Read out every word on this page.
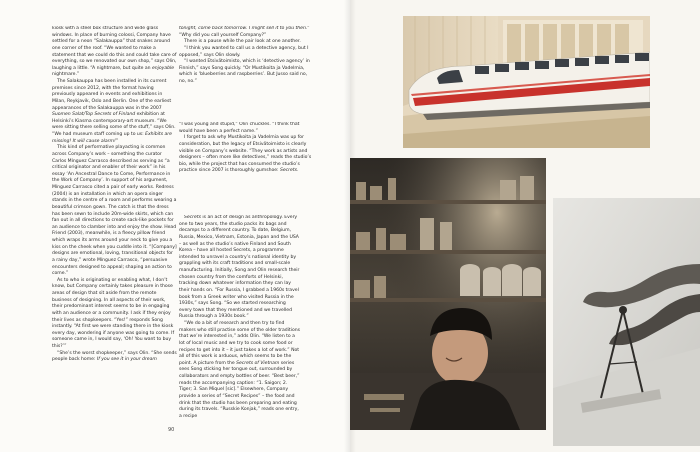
kiosk with a steel box structure and wide glass windows. In place of burning colossi, Company have settled for a neon “Salakauppa” that snakes around one corner of the roof. “We wanted to make a statement that we could do this and could take care of everything, so we renovated our own shop,” says Olin, laughing a little. “A nightmare, but quite an enjoyable nightmare.”

The Salakauppa has been installed in its current premises since 2012, with the format having previously appeared in events and exhibitions in Milan, Reykjavik, Oslo and Berlin. One of the earliest appearances of the Salakauppa was in the 2007 Suomen Salat/Top Secrets of Finland exhibition at Helsinki’s Kiasma contemporary-art museum. “We were sitting there selling some of the stuff,” says Olin. “We had museum staff coming up to us: Exhibits are missing! It will cause alarm!”

This kind of performative playacting is common across Company’s work – something the curator Carlos Mínguez Carrasco described as serving as “a critical originator and enabler of their work” in his essay ‘An Ancestral Dance to Come, Performance in the Work of Company’. In support of his argument, Mínguez Carrasco cited a pair of early works. Redress (2004) is an installation in which an opera singer stands in the centre of a room and performs wearing a beautiful crimson gown. The catch is that the dress has been sewn to include 20m-wide skirts, which can fan out in all directions to create sack-like pockets for an audience to clamber into and enjoy the show. Head Friend (2003), meanwhile, is a fleecy pillow friend which wraps its arms around your neck to give you a kiss on the cheek when you cuddle into it. “[Company] designs are emotional, loving, transitional objects for a rainy day,” wrote Mínguez Carrasco, “persuasive encounters designed to appeal; shaping an action to come.”

As to who is originating or enabling what, I don’t know, but Company certainly takes pleasure in those areas of design that sit aside from the remote business of designing. In all aspects of their work, their predominant interest seems to be in engaging with an audience or a community. I ask if they enjoy their lives as shopkeepers. “Yes!” responds Song instantly. “At first we were standing there in the kiosk every day, wondering if anyone was going to come. If someone came in, I would say, ‘Oh! You want to buy this?’”

“She’s the worst shopkeeper,” says Olin. “She sends people back home: If you see it in your dream

tonight, come back tomorrow. I might sell it to you then.”

“Why did you call yourself Company?”

There is a pause while the pair look at one another.

“I think you wanted to call us a detective agency, but I opposed,” says Olin slowly.

“I wanted Etsivätoimisto, which is ‘detective agency’ in Finnish,” says Song quickly. “Or Mustikoita ja Vadelmia, which is ‘blueberries and raspberries’. But Jusso said no, no, no.”

“I was young and stupid,” Olin chuckles. “I think that would have been a perfect name.”

I forget to ask why Mustikoita ja Vadelmia was up for consideration, but the legacy of Etsivätoimisto is clearly visible on Company’s website. “They work as artists and designers – often more like detectives,” reads the studio’s bio, while the project that has consumed the studio’s practice since 2007 is thoroughly gumshoe: Secrets.

Secrets is an act of design as anthropology. Every one to two years, the studio packs its bags and decamps to a different country. To date, Belgium, Russia, Mexico, Vietnam, Estonia, Japan and the USA – as well as the studio’s native Finland and South Korea – have all hosted Secrets, a programme intended to unravel a country’s national identity by grappling with its craft traditions and small-scale manufacturing. Initially, Song and Olin research their chosen country from the comforts of Helsinki, tracking down whatever information they can lay their hands on. “For Russia, I grabbed a 1960s travel book from a Greek writer who visited Russia in the 1930s,” says Song. “So we started researching every town that they mentioned and we travelled Russia through a 1930s book.”

“We do a bit of research and then try to find makers who still practise some of the older traditions that we’re interested in,” adds Olin. “We listen to a lot of local music and we try to cook some food or recipes to get into it – it just takes a lot of work.” Not all of this work is arduous, which seems to be the point. A picture from the Secrets of Vietnam series sees Song sticking her tongue out, surrounded by collaborators and empty bottles of beer. “Best beer,” reads the accompanying caption: “1. Saigon; 2. Tiger; 3. San Miquel [sic].” Elsewhere, Company provide a series of “Secret Recipes” – the food and drink that the studio has been preparing and eating during its travels. “Russkie Konjak,” reads one entry, a recipe

90
